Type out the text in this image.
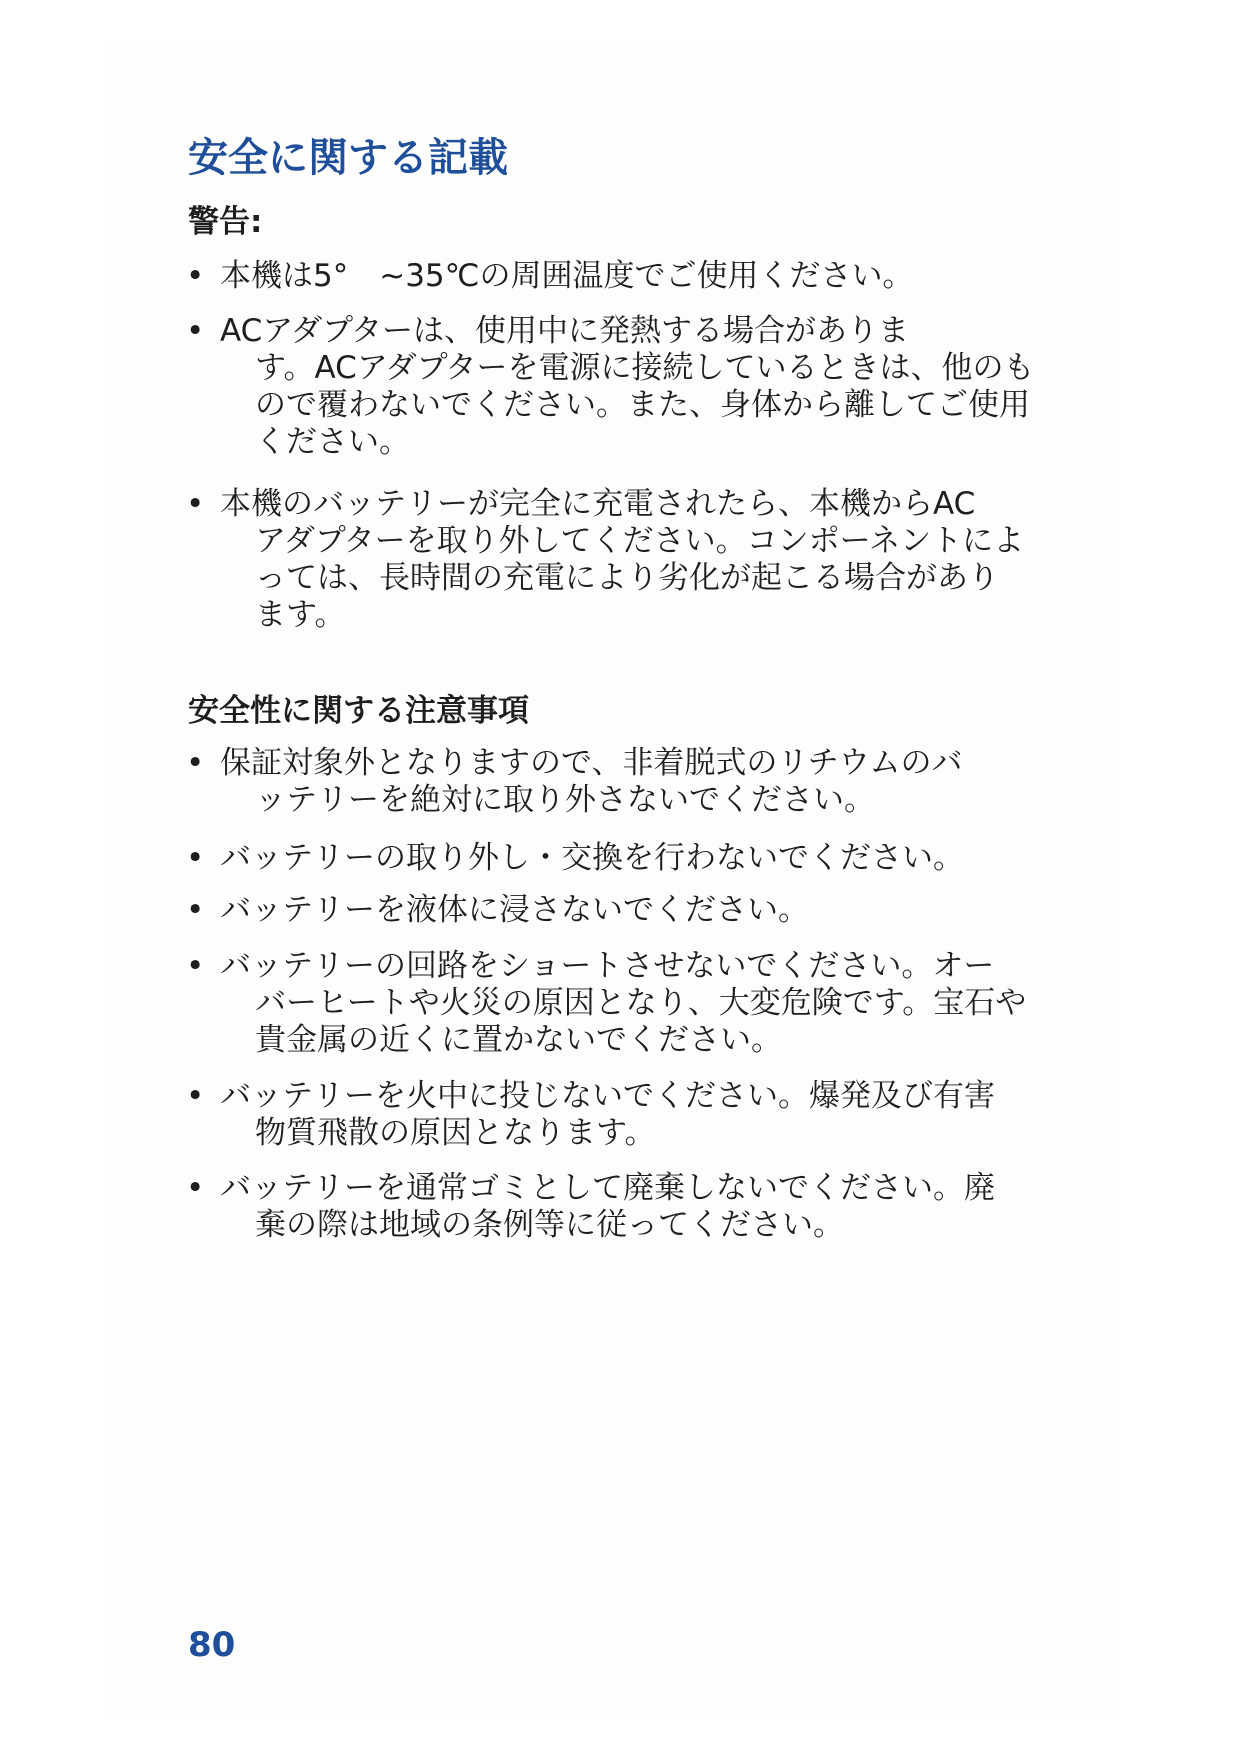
安全に関する記載
警告:
• 本機は5°　~35℃の周囲温度でご使用ください。
• ACアダプターは、使用中に発熱する場合がありま
す。ACアダプターを電源に接続しているときは、他のも
ので覆わないでください。また、身体から離してご使用
ください。
• 本機のバッテリーが完全に充電されたら、本機からAC
アダプターを取り外してください。コンポーネントによ
っては、長時間の充電により劣化が起こる場合があり
ます。
安全性に関する注意事項
• 保証対象外となりますので、非着脱式のリチウムのバ
ッテリーを絶対に取り外さないでください。
• バッテリーの取り外し・交換を行わないでください。
• バッテリーを液体に浸さないでください。
• バッテリーの回路をショートさせないでください。オー
バーヒートや火災の原因となり、大変危険です。宝石や
貴金属の近くに置かないでください。
• バッテリーを火中に投じないでください。爆発及び有害
物質飛散の原因となります。
• バッテリーを通常ゴミとして廃棄しないでください。廃
棄の際は地域の条例等に従ってください。
80
